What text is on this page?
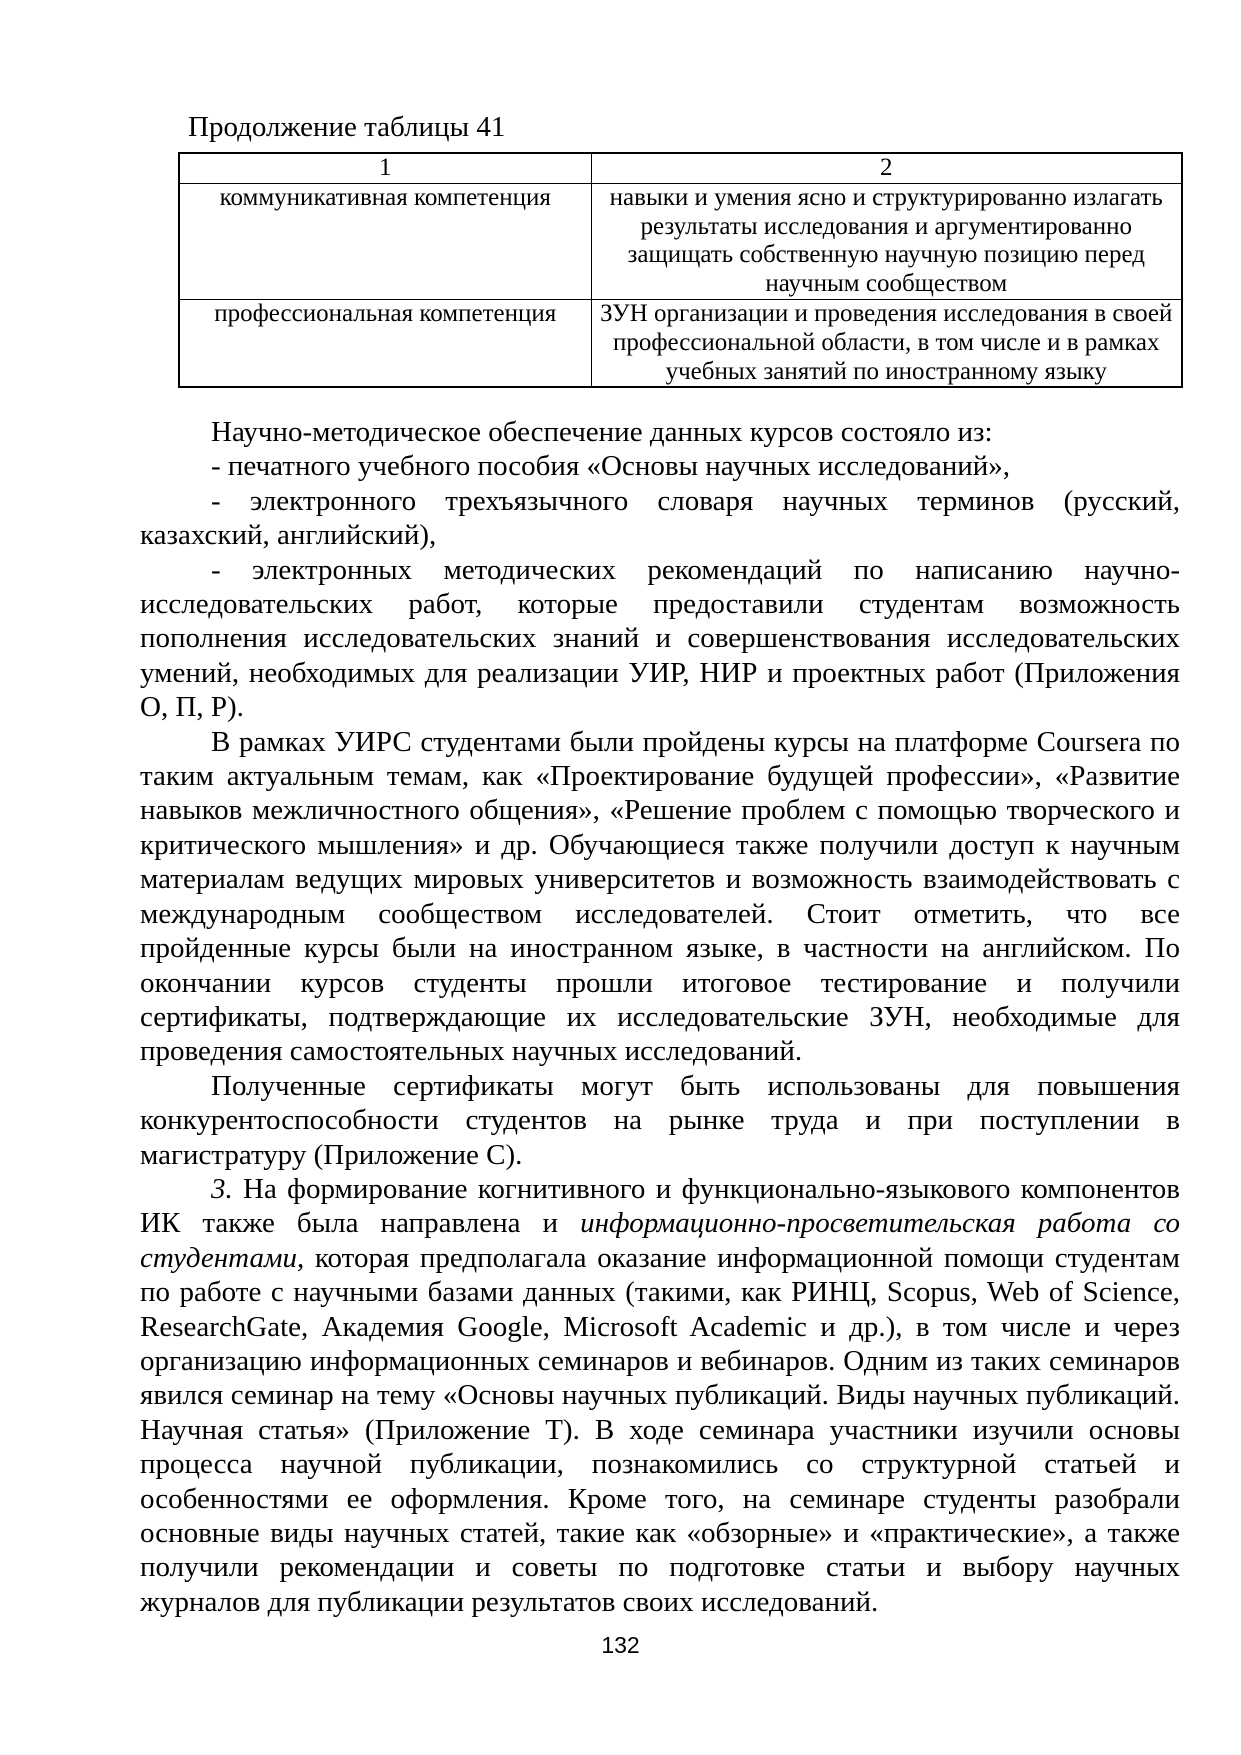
Продолжение таблицы 41
1	2
коммуникативная компетенция	навыки и умения ясно и структурированно излагать результаты исследования и аргументированно защищать собственную научную позицию перед научным сообществом
профессиональная компетенция	ЗУН организации и проведения исследования в своей профессиональной области, в том числе и в рамках учебных занятий по иностранному языку

Научно-методическое обеспечение данных курсов состояло из:

- печатного учебного пособия «Основы научных исследований»,

- электронного трехъязычного словаря научных терминов (русский, казахский, английский),

- электронных методических рекомендаций по написанию научно-исследовательских работ, которые предоставили студентам возможность пополнения исследовательских знаний и совершенствования исследовательских умений, необходимых для реализации УИР, НИР и проектных работ (Приложения О, П, Р).

В рамках УИРС студентами были пройдены курсы на платформе Coursera по таким актуальным темам, как «Проектирование будущей профессии», «Развитие навыков межличностного общения», «Решение проблем с помощью творческого и критического мышления» и др. Обучающиеся также получили доступ к научным материалам ведущих мировых университетов и возможность взаимодействовать с международным сообществом исследователей. Стоит отметить, что все пройденные курсы были на иностранном языке, в частности на английском. По окончании курсов студенты прошли итоговое тестирование и получили сертификаты, подтверждающие их исследовательские ЗУН, необходимые для проведения самостоятельных научных исследований.

Полученные сертификаты могут быть использованы для повышения конкурентоспособности студентов на рынке труда и при поступлении в магистратуру (Приложение С).

3. На формирование когнитивного и функционально-языкового компонентов ИК также была направлена и информационно-просветительская работа со студентами, которая предполагала оказание информационной помощи студентам по работе с научными базами данных (такими, как РИНЦ, Scopus, Web of Science, ResearchGate, Академия Google, Microsoft Academic и др.), в том числе и через организацию информационных семинаров и вебинаров. Одним из таких семинаров явился семинар на тему «Основы научных публикаций. Виды научных публикаций. Научная статья» (Приложение Т). В ходе семинара участники изучили основы процесса научной публикации, познакомились со структурной статьей и особенностями ее оформления. Кроме того, на семинаре студенты разобрали основные виды научных статей, такие как «обзорные» и «практические», а также получили рекомендации и советы по подготовке статьи и выбору научных журналов для публикации результатов своих исследований.

132
